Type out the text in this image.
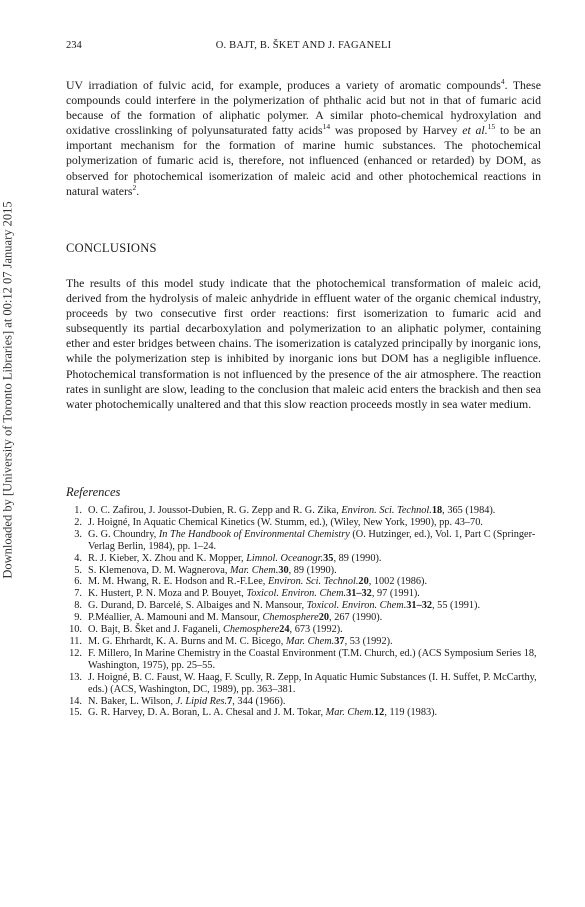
Downloaded by [University of Toronto Libraries] at 00:12 07 January 2015
234	O. BAJT, B. ŠKET AND J. FAGANELI
UV irradiation of fulvic acid, for example, produces a variety of aromatic compounds$^4$. These compounds could interfere in the polymerization of phthalic acid but not in that of fumaric acid because of the formation of aliphatic polymer. A similar photo-chemical hydroxylation and oxidative crosslinking of polyunsaturated fatty acids$^{14}$ was proposed by Harvey et al.$^{15}$ to be an important mechanism for the formation of marine humic substances. The photochemical polymerization of fumaric acid is, therefore, not influenced (enhanced or retarded) by DOM, as observed for photochemical isomerization of maleic acid and other photochemical reactions in natural waters$^2$.
CONCLUSIONS
The results of this model study indicate that the photochemical transformation of maleic acid, derived from the hydrolysis of maleic anhydride in effluent water of the organic chemical industry, proceeds by two consecutive first order reactions: first isomerization to fumaric acid and subsequently its partial decarboxylation and polymerization to an aliphatic polymer, containing ether and ester bridges between chains. The isomerization is catalyzed principally by inorganic ions, while the polymerization step is inhibited by inorganic ions but DOM has a negligible influence. Photochemical transformation is not influenced by the presence of the air atmosphere. The reaction rates in sunlight are slow, leading to the conclusion that maleic acid enters the brackish and then sea water photochemically unaltered and that this slow reaction proceeds mostly in sea water medium.
References
1. O. C. Zafirou, J. Joussot-Dubien, R. G. Zepp and R. G. Zika, Environ. Sci. Technol.18, 365 (1984).
2. J. Hoigné, In Aquatic Chemical Kinetics (W. Stumm, ed.), (Wiley, New York, 1990), pp. 43–70.
3. G. G. Choundry, In The Handbook of Environmental Chemistry (O. Hutzinger, ed.), Vol. 1, Part C (Springer-Verlag Berlin, 1984), pp. 1–24.
4. R. J. Kieber, X. Zhou and K. Mopper, Limnol. Oceanogr.35, 89 (1990).
5. S. Klemenova, D. M. Wagnerova, Mar. Chem.30, 89 (1990).
6. M. M. Hwang, R. E. Hodson and R.-F.Lee, Environ. Sci. Technol.20, 1002 (1986).
7. K. Hustert, P. N. Moza and P. Bouyet, Toxicol. Environ. Chem.31–32, 97 (1991).
8. G. Durand, D. Barcelé, S. Albaiges and N. Mansour, Toxicol. Environ. Chem.31–32, 55 (1991).
9. P.Méallier, A. Mamouni and M. Mansour, Chemosphere20, 267 (1990).
10. O. Bajt, B. Šket and J. Faganeli, Chemosphere24, 673 (1992).
11. M. G. Ehrhardt, K. A. Burns and M. C. Bicego, Mar. Chem.37, 53 (1992).
12. F. Millero, In Marine Chemistry in the Coastal Environment (T.M. Church, ed.) (ACS Symposium Series 18, Washington, 1975), pp. 25–55.
13. J. Hoigné, B. C. Faust, W. Haag, F. Scully, R. Zepp, In Aquatic Humic Substances (I. H. Suffet, P. McCarthy, eds.) (ACS, Washington, DC, 1989), pp. 363–381.
14. N. Baker, L. Wilson, J. Lipid Res.7, 344 (1966).
15. G. R. Harvey, D. A. Boran, L. A. Chesal and J. M. Tokar, Mar. Chem.12, 119 (1983).
